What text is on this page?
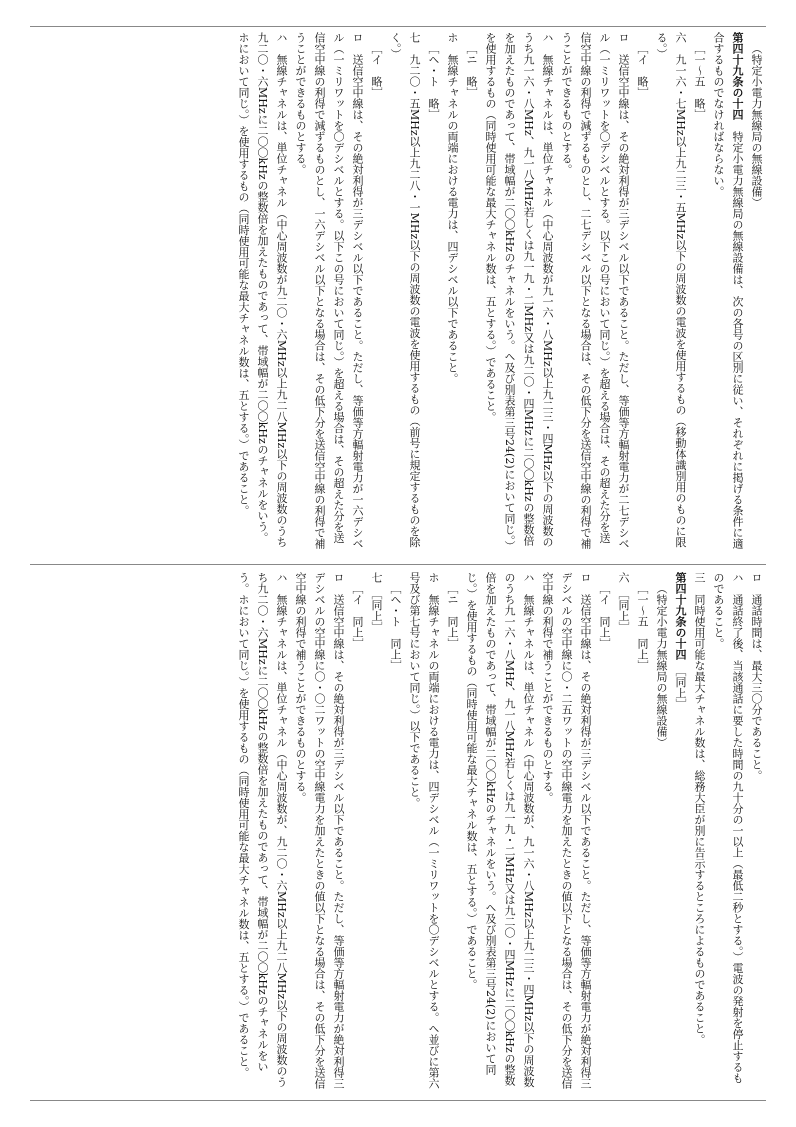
（特定小電力無線局の無線設備）

第四十九条の十四　特定小電力無線局の無線設備は、次の各号の区別に従い、それぞれに掲げる条件に適合するものでなければならない。

［一～五　略］

六　九一六・七MHz以上九二三・五MHz以下の周波数の電波を使用するもの（移動体識別用のものに限る。）

［イ　略］

ロ　送信空中線は、その絶対利得が三デシベル以下であること。ただし、等価等方輻射電力が二七デシベル（一ミリワットを〇デシベルとする。以下この号において同じ。）を超える場合は、その超えた分を送信空中線の利得で減ずるものとし、二七デシベル以下となる場合は、その低下分を送信空中線の利得で補うことができるものとする。

ハ　無線チャネルは、単位チャネル（中心周波数が九一六・八MHz以上九二三・四MHz以下の周波数のうち九一六・八MHz、九一八MHz若しくは九一九・二MHz又は九二〇・四MHzに二〇〇kHzの整数倍を加えたものであって、帯域幅が二〇〇kHzのチャネルをいう。ヘ及び別表第三号24(2)において同じ。）を使用するもの（同時使用可能な最大チャネル数は、五とする。）であること。

［ニ　略］

ホ　無線チャネルの両端における電力は、四デシベル以下であること。

［ヘ・ト　略］

七　九二〇・五MHz以上九二八・一MHz以下の周波数の電波を使用するもの（前号に規定するものを除く。）

［イ　略］

ロ　送信空中線は、その絶対利得が三デシベル以下であること。ただし、等価等方輻射電力が一六デシベル（一ミリワットを〇デシベルとする。以下この号において同じ。）を超える場合は、その超えた分を送信空中線の利得で減ずるものとし、一六デシベル以下となる場合は、その低下分を送信空中線の利得で補うことができるものとする。

ハ　無線チャネルは、単位チャネル（中心周波数が九二〇・六MHz以上九二八MHz以下の周波数のうち九二〇・六MHzに二〇〇kHzの整数倍を加えたものであって、帯域幅が二〇〇kHzのチャネルをいう。ホにおいて同じ。）を使用するもの（同時使用可能な最大チャネル数は、五とする。）であること。

ロ　通話時間は、最大三〇分であること。

ハ　通話終了後、当該通話に要した時間の九十分の一以上（最低二秒とする。）電波の発射を停止するものであること。

三　同時使用可能な最大チャネル数は、総務大臣が別に告示するところによるものであること。

第四十九条の十四　［同上］

（特定小電力無線局の無線設備）

［一～五　同上］

六　［同上］

［イ　同上］

ロ　送信空中線は、その絶対利得が三デシベル以下であること。ただし、等価等方輻射電力が絶対利得三デシベルの空中線に〇・二五ワットの空中線電力を加えたときの値以下となる場合は、その低下分を送信空中線の利得で補うことができるものとする。

ハ　無線チャネルは、単位チャネル（中心周波数が、九一六・八MHz以上九二三・四MHz以下の周波数のうち九一六・八MHz、九一八MHz若しくは九一九・二MHz又は九二〇・四MHzに二〇〇kHzの整数倍を加えたものであって、帯域幅が二〇〇kHzのチャネルをいう。ヘ及び別表第三号24(2)において同じ。）を使用するもの（同時使用可能な最大チャネル数は、五とする。）であること。

［ニ　同上］

ホ　無線チャネルの両端における電力は、四デシベル（一ミリワットを〇デシベルとする。ヘ並びに第六号及び第七号において同じ。）以下であること。

［ヘ・ト　同上］

七　［同上］

［イ　同上］

ロ　送信空中線は、その絶対利得が三デシベル以下であること。ただし、等価等方輻射電力が絶対利得三デシベルの空中線に〇・〇二ワットの空中線電力を加えたときの値以下となる場合は、その低下分を送信空中線の利得で補うことができるものとする。

ハ　無線チャネルは、単位チャネル（中心周波数が、九二〇・六MHz以上九二八MHz以下の周波数のうち九二〇・六MHzに二〇〇kHzの整数倍を加えたものであって、帯域幅が二〇〇kHzのチャネルをいう。ホにおいて同じ。）を使用するもの（同時使用可能な最大チャネル数は、五とする。）であること。
